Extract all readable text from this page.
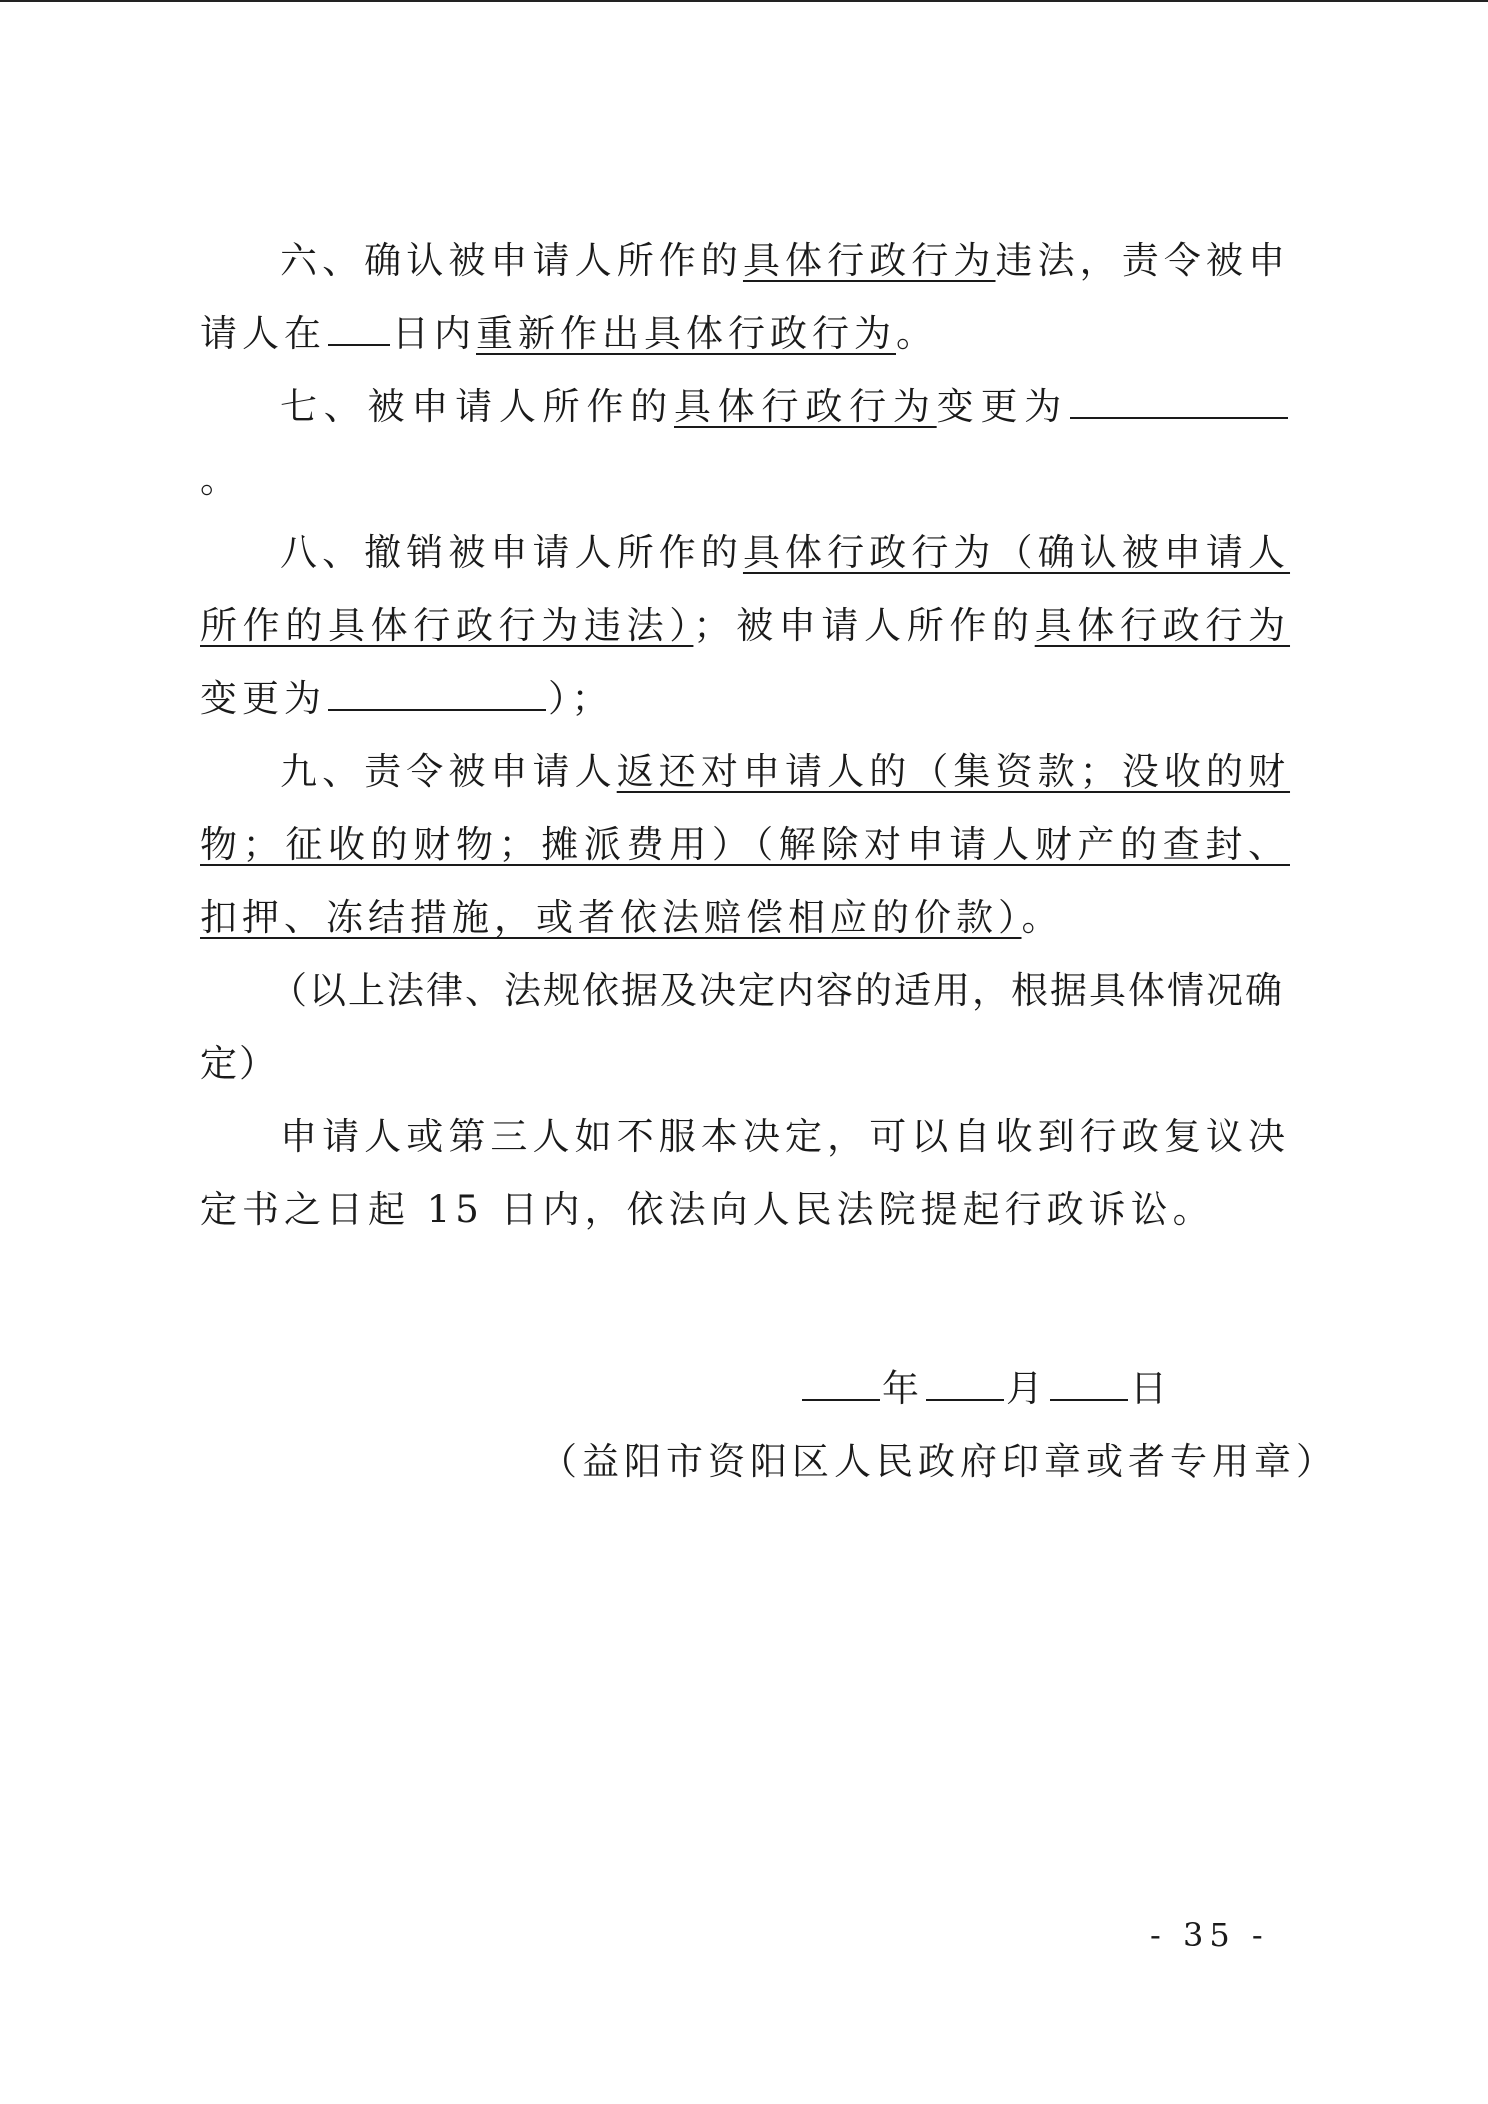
六、确认被申请人所作的具体行政行为违法，责令被申请人在 日内重新作出具体行政行为。

七、被申请人所作的具体行政行为变更为。

八、撤销被申请人所作的具体行政行为（确认被申请人所作的具体行政行为违法）；被申请人所作的具体行政行为变更为	）；

九、责令被申请人返还对申请人的（集资款；没收的财物；征收的财物；摊派费用）（解除对申请人财产的查封、扣押、冻结措施，或者依法赔偿相应的价款）。

（以上法律、法规依据及决定内容的适用，根据具体情况确定）

申请人或第三人如不服本决定，可以自收到行政复议决定书之日起 15 日内，依法向人民法院提起行政诉讼。

年 月 日
（益阳市资阳区人民政府印章或者专用章）
- 35 -
